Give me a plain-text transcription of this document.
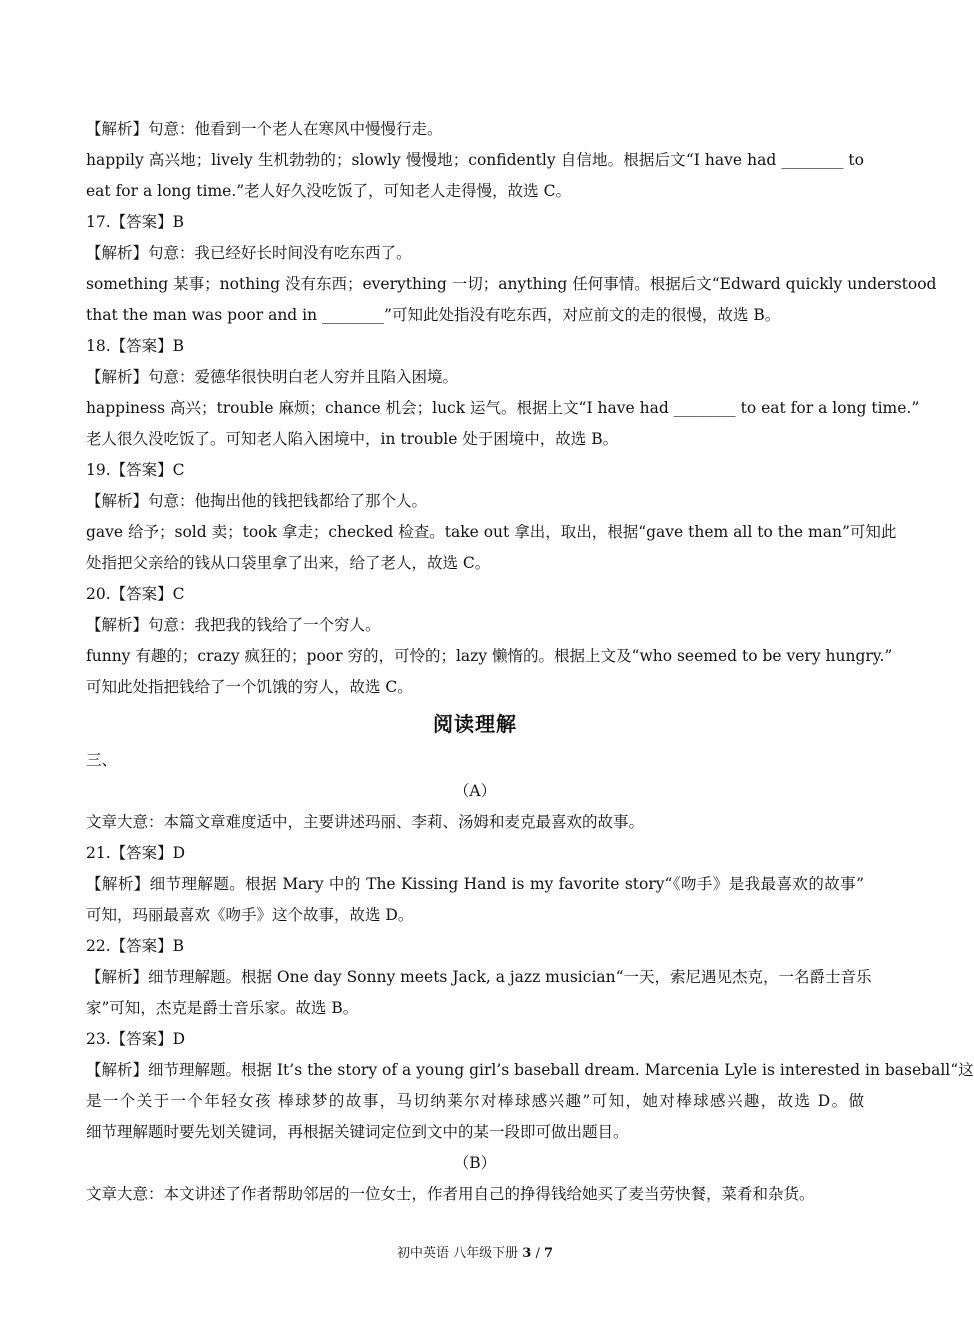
【解析】句意：他看到一个老人在寒风中慢慢行走。
happily 高兴地；lively 生机勃勃的；slowly 慢慢地；confidently 自信地。根据后文“I have had ________ to
eat for a long time.”老人好久没吃饭了，可知老人走得慢，故选 C。
17.【答案】B
【解析】句意：我已经好长时间没有吃东西了。
something 某事；nothing 没有东西；everything 一切；anything 任何事情。根据后文“Edward quickly understood
that the man was poor and in ________”可知此处指没有吃东西，对应前文的走的很慢，故选 B。
18.【答案】B
【解析】句意：爱德华很快明白老人穷并且陷入困境。
happiness 高兴；trouble 麻烦；chance 机会；luck 运气。根据上文“I have had ________ to eat for a long time.”
老人很久没吃饭了。可知老人陷入困境中，in trouble 处于困境中，故选 B。
19.【答案】C
【解析】句意：他掏出他的钱把钱都给了那个人。
gave 给予；sold 卖；took 拿走；checked 检查。take out 拿出，取出，根据“gave them all to the man”可知此
处指把父亲给的钱从口袋里拿了出来，给了老人，故选 C。
20.【答案】C
【解析】句意：我把我的钱给了一个穷人。
funny 有趣的；crazy 疯狂的；poor 穷的，可怜的；lazy 懒惰的。根据上文及“who seemed to be very hungry.”
可知此处指把钱给了一个饥饿的穷人，故选 C。
阅读理解
三、
（A）
文章大意：本篇文章难度适中，主要讲述玛丽、李莉、汤姆和麦克最喜欢的故事。
21.【答案】D
【解析】细节理解题。根据 Mary 中的 The Kissing Hand is my favorite story“《吻手》是我最喜欢的故事”
可知，玛丽最喜欢《吻手》这个故事，故选 D。
22.【答案】B
【解析】细节理解题。根据 One day Sonny meets Jack, a jazz musician“一天，索尼遇见杰克，一名爵士音乐
家”可知，杰克是爵士音乐家。故选 B。
23.【答案】D
【解析】细节理解题。根据 It’s the story of a young girl’s baseball dream. Marcenia Lyle is interested in baseball“这
是一个关于一个年轻女孩 棒球梦的故事，马切纳莱尔对棒球感兴趣”可知，她对棒球感兴趣，故选 D。做
细节理解题时要先划关键词，再根据关键词定位到文中的某一段即可做出题目。
（B）
文章大意：本文讲述了作者帮助邻居的一位女士，作者用自己的挣得钱给她买了麦当劳快餐，菜肴和杂货。
初中英语 八年级下册 3 / 7
